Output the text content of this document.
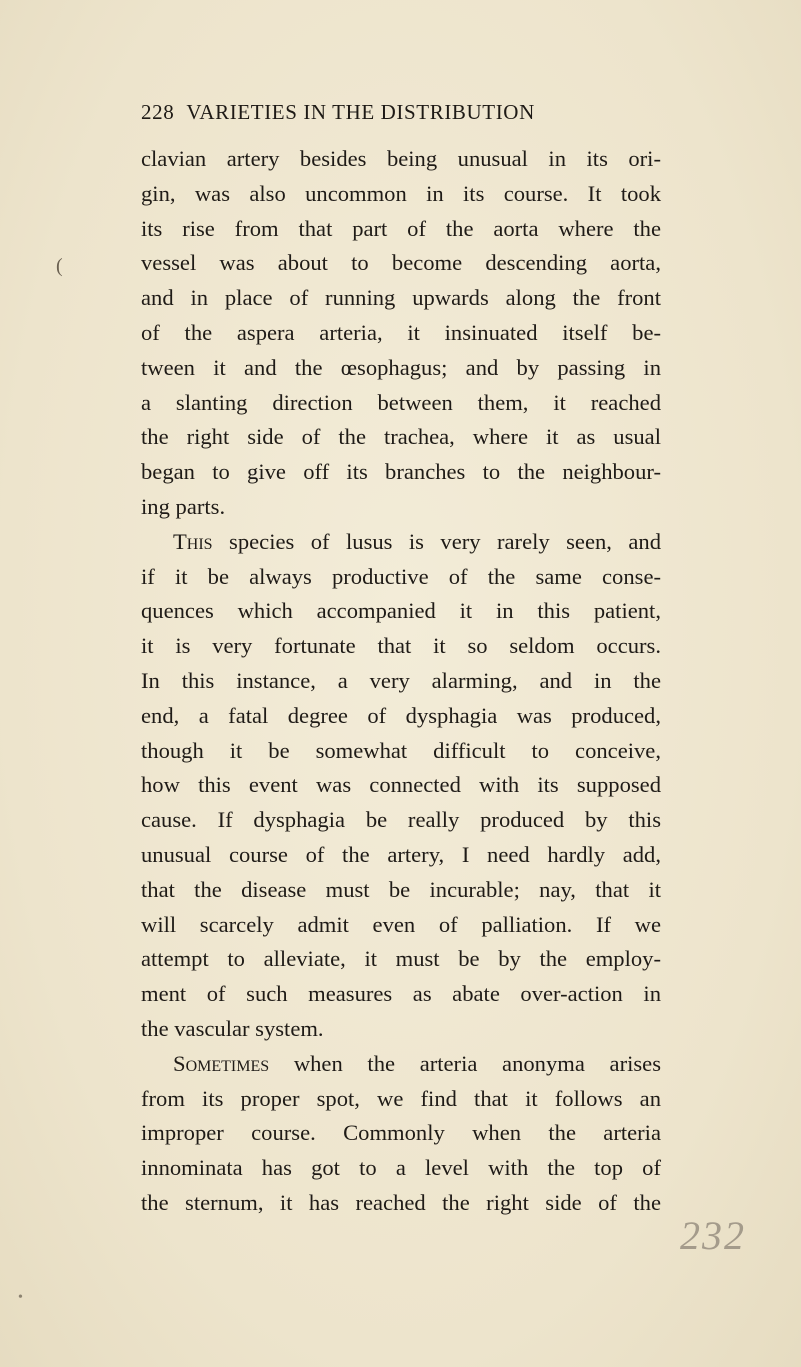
(
228 VARIETIES IN THE DISTRIBUTION
clavian artery besides being unusual in its ori-
gin, was also uncommon in its course. It took
its rise from that part of the aorta where the
vessel was about to become descending aorta,
and in place of running upwards along the front
of the aspera arteria, it insinuated itself be-
tween it and the œsophagus; and by passing in
a slanting direction between them, it reached
the right side of the trachea, where it as usual
began to give off its branches to the neighbour-
ing parts.
This species of lusus is very rarely seen, and
if it be always productive of the same conse-
quences which accompanied it in this patient,
it is very fortunate that it so seldom occurs.
In this instance, a very alarming, and in the
end, a fatal degree of dysphagia was produced,
though it be somewhat difficult to conceive,
how this event was connected with its supposed
cause. If dysphagia be really produced by this
unusual course of the artery, I need hardly add,
that the disease must be incurable; nay, that it
will scarcely admit even of palliation. If we
attempt to alleviate, it must be by the employ-
ment of such measures as abate over-action in
the vascular system.
Sometimes when the arteria anonyma arises
from its proper spot, we find that it follows an
improper course. Commonly when the arteria
innominata has got to a level with the top of
the sternum, it has reached the right side of the
232
•
